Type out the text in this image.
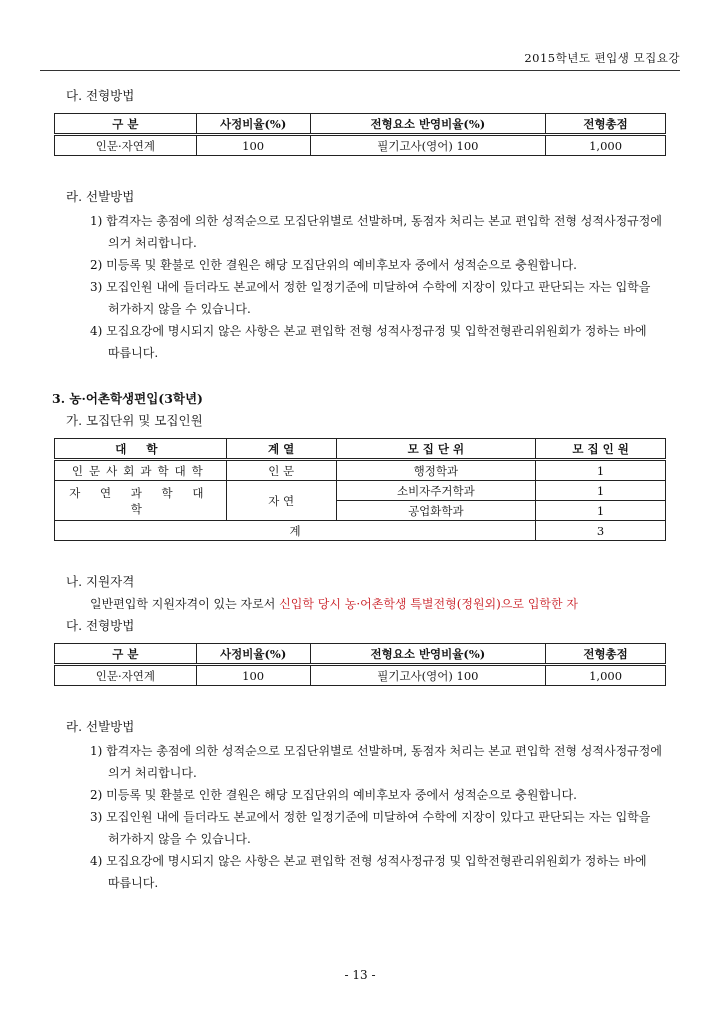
2015학년도 편입생 모집요강
다. 전형방법
구 분	사정비율(%)	전형요소 반영비율(%)	전형총점
인문·자연계	100	필기고사(영어) 100	1,000
라. 선발방법
1) 합격자는 총점에 의한 성적순으로 모집단위별로 선발하며, 동점자 처리는 본교 편입학 전형 성적사정규정에
의거 처리합니다.
2) 미등록 및 환불로 인한 결원은 해당 모집단위의 예비후보자 중에서 성적순으로 충원합니다.
3) 모집인원 내에 들더라도 본교에서 정한 일정기준에 미달하여 수학에 지장이 있다고 판단되는 자는 입학을
허가하지 않을 수 있습니다.
4) 모집요강에 명시되지 않은 사항은 본교 편입학 전형 성적사정규정 및 입학전형관리위원회가 정하는 바에
따릅니다.
3. 농·어촌학생편입(3학년)
가. 모집단위 및 모집인원
대 학	계 열	모 집 단 위	모 집 인 원
인문사회과학대학	인 문	행정학과	1
자 연 과 학 대 학	자 연	소비자주거학과	1
		공업화학과	1
계			3
나. 지원자격
일반편입학 지원자격이 있는 자로서 신입학 당시 농·어촌학생 특별전형(정원외)으로 입학한 자
다. 전형방법
구 분	사정비율(%)	전형요소 반영비율(%)	전형총점
인문·자연계	100	필기고사(영어) 100	1,000
라. 선발방법
1) 합격자는 총점에 의한 성적순으로 모집단위별로 선발하며, 동점자 처리는 본교 편입학 전형 성적사정규정에
의거 처리합니다.
2) 미등록 및 환불로 인한 결원은 해당 모집단위의 예비후보자 중에서 성적순으로 충원합니다.
3) 모집인원 내에 들더라도 본교에서 정한 일정기준에 미달하여 수학에 지장이 있다고 판단되는 자는 입학을
허가하지 않을 수 있습니다.
4) 모집요강에 명시되지 않은 사항은 본교 편입학 전형 성적사정규정 및 입학전형관리위원회가 정하는 바에
따릅니다.
- 13 -
